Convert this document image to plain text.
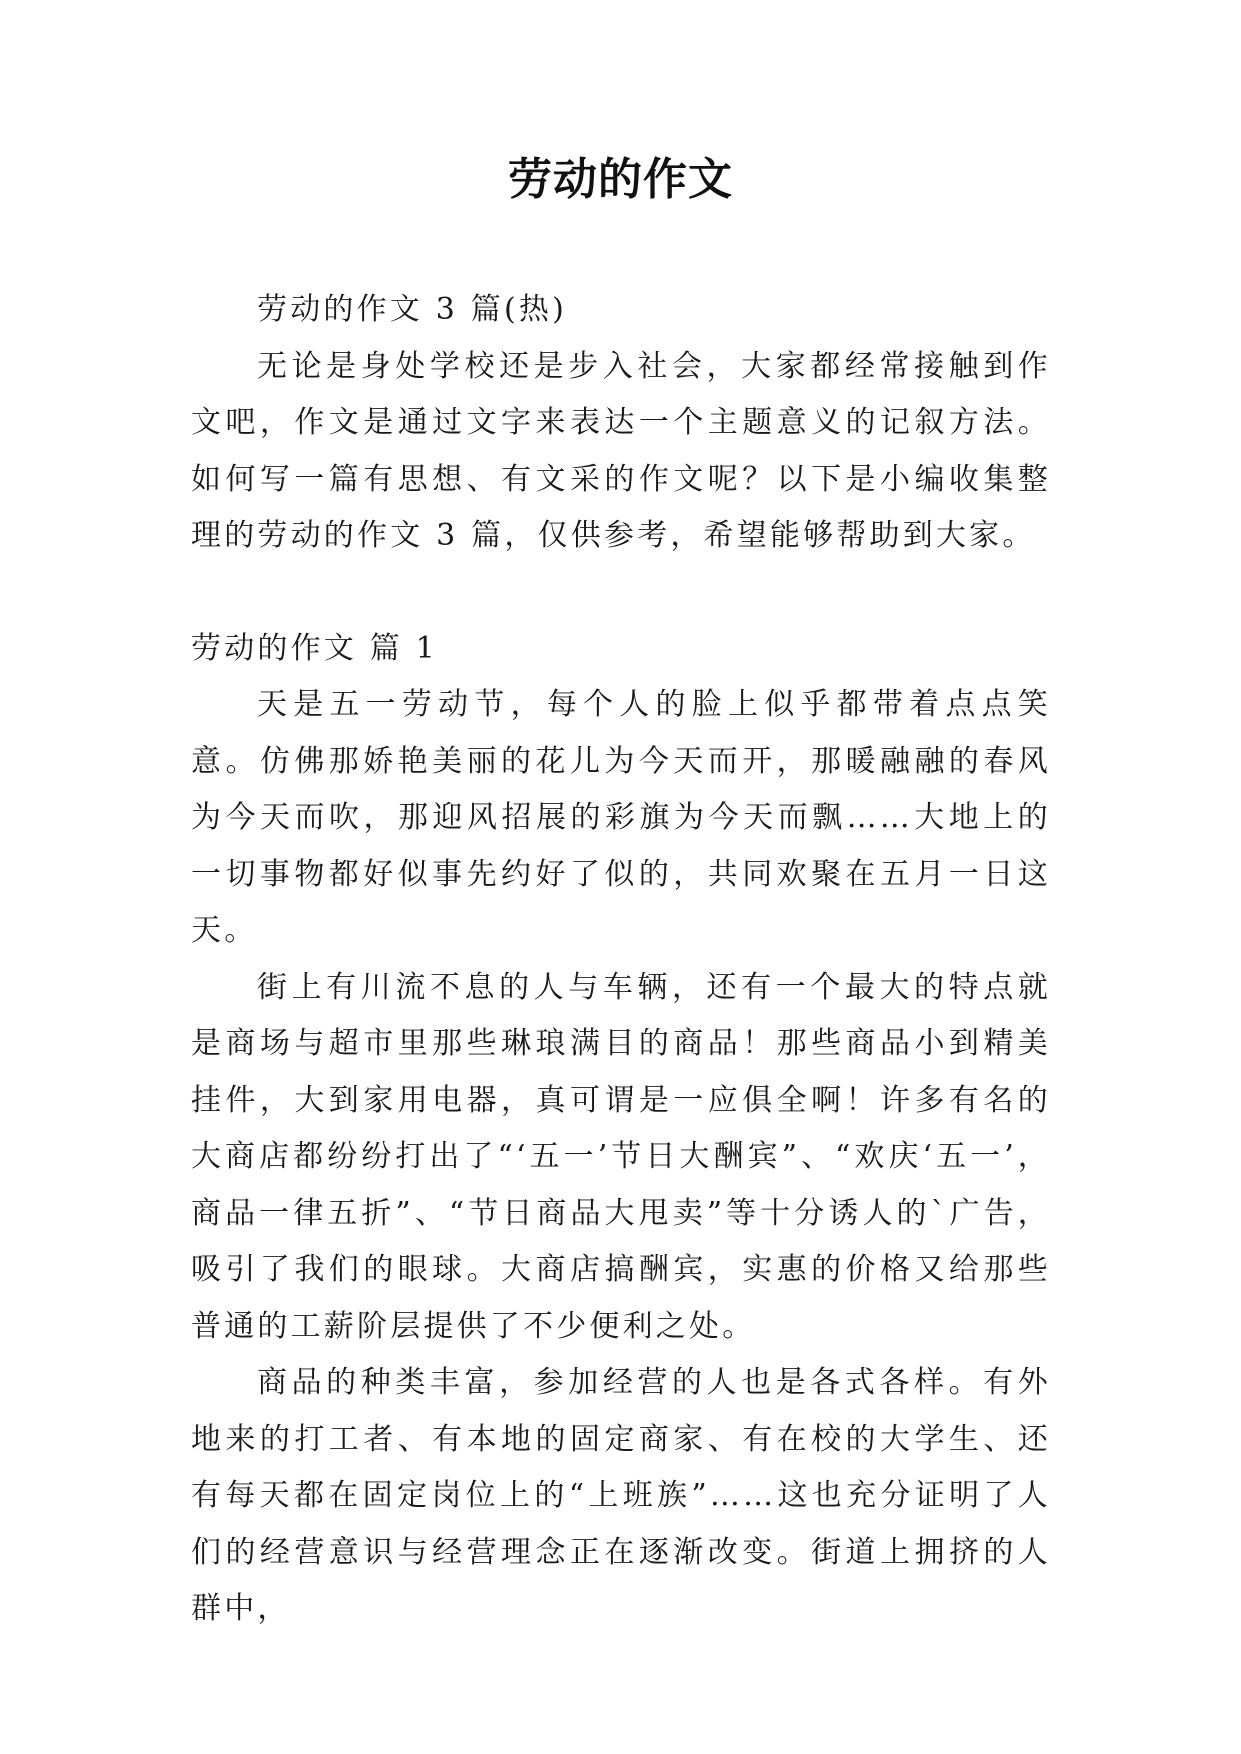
劳动的作文

劳动的作文 3 篇(热)

无论是身处学校还是步入社会，大家都经常接触到作文吧，作文是通过文字来表达一个主题意义的记叙方法。如何写一篇有思想、有文采的作文呢？以下是小编收集整理的劳动的作文 3 篇，仅供参考，希望能够帮助到大家。

劳动的作文 篇 1

天是五一劳动节，每个人的脸上似乎都带着点点笑意。仿佛那娇艳美丽的花儿为今天而开，那暖融融的春风为今天而吹，那迎风招展的彩旗为今天而飘……大地上的一切事物都好似事先约好了似的，共同欢聚在五月一日这天。

街上有川流不息的人与车辆，还有一个最大的特点就是商场与超市里那些琳琅满目的商品！那些商品小到精美挂件，大到家用电器，真可谓是一应俱全啊！许多有名的大商店都纷纷打出了“‘五一’节日大酬宾”、“欢庆‘五一’，商品一律五折”、“节日商品大甩卖”等十分诱人的`广告，吸引了我们的眼球。大商店搞酬宾，实惠的价格又给那些普通的工薪阶层提供了不少便利之处。

商品的种类丰富，参加经营的人也是各式各样。有外地来的打工者、有本地的固定商家、有在校的大学生、还有每天都在固定岗位上的“上班族”……这也充分证明了人们的经营意识与经营理念正在逐渐改变。街道上拥挤的人群中，
